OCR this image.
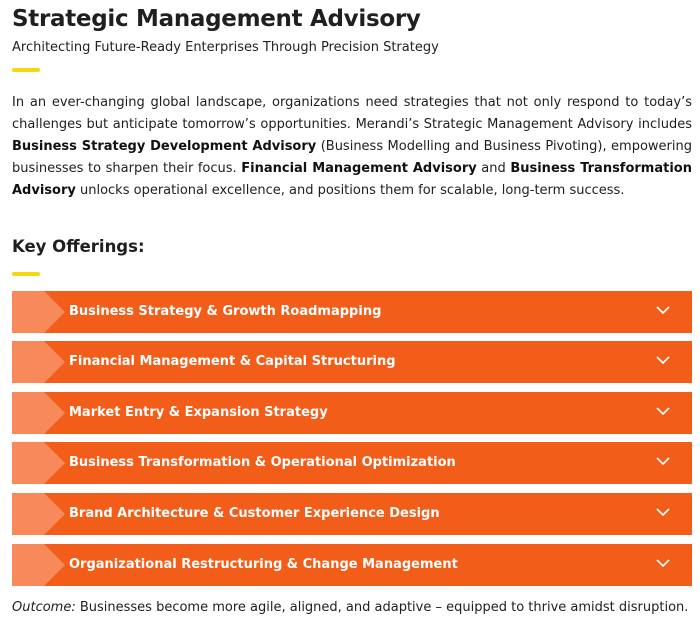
Strategic Management Advisory
Architecting Future-Ready Enterprises Through Precision Strategy

In an ever-changing global landscape, organizations need strategies that not only respond to today’s challenges but anticipate tomorrow’s opportunities. Merandi’s Strategic Management Advisory includes Business Strategy Development Advisory (Business Modelling and Business Pivoting), empowering businesses to sharpen their focus. Financial Management Advisory and Business Transformation Advisory unlocks operational excellence, and positions them for scalable, long-term success.

Key Offerings:
Business Strategy & Growth Roadmapping
Financial Management & Capital Structuring
Market Entry & Expansion Strategy
Business Transformation & Operational Optimization
Brand Architecture & Customer Experience Design
Organizational Restructuring & Change Management

Outcome: Businesses become more agile, aligned, and adaptive – equipped to thrive amidst disruption.
